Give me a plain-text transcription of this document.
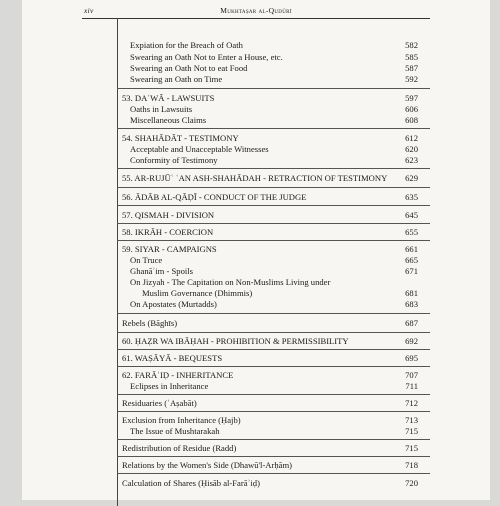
xiv	Mukhtaṣar al-Qudūrī
Expiation for the Breach of Oath	582
Swearing an Oath Not to Enter a House, etc.	585
Swearing an Oath Not to eat Food	587
Swearing an Oath on Time	592
53. DAʿWĀ - LAWSUITS	597
Oaths in Lawsuits	606
Miscellaneous Claims	608
54. SHAHĀDĀT - TESTIMONY	612
Acceptable and Unacceptable Witnesses	620
Conformity of Testimony	623
55. AR-RUJŪʿ ʿAN ASH-SHAHĀDAH - RETRACTION OF TESTIMONY 629
56. ĀDĀB AL-QĀḌĪ - CONDUCT OF THE JUDGE	635
57. QISMAH - DIVISION	645
58. IKRĀH - COERCION	655
59. SIYAR - CAMPAIGNS	661
On Truce	665
Ghanāʾim - Spoils	671
On Jizyah - The Capitation on Non-Muslims Living under
Muslim Governance (Dhimmis)	681
On Apostates (Murtadds)	683
Rebels (Bāghīs)	687
60. ḤAẒR WA IBĀḤAH - PROHIBITION & PERMISSIBILITY	692
61. WAṢĀYĀ - BEQUESTS	695
62. FARĀʾIḌ - INHERITANCE	707
Eclipses in Inheritance	711
Residuaries (ʿAṣabāt)	712
Exclusion from Inheritance (Ḥajb)	713
The Issue of Mushtarakah	715
Redistribution of Residue (Radd)	715
Relations by the Women's Side (Dhawū'l-Arḥām)	718
Calculation of Shares (Ḥisāb al-Farāʾiḍ)	720
